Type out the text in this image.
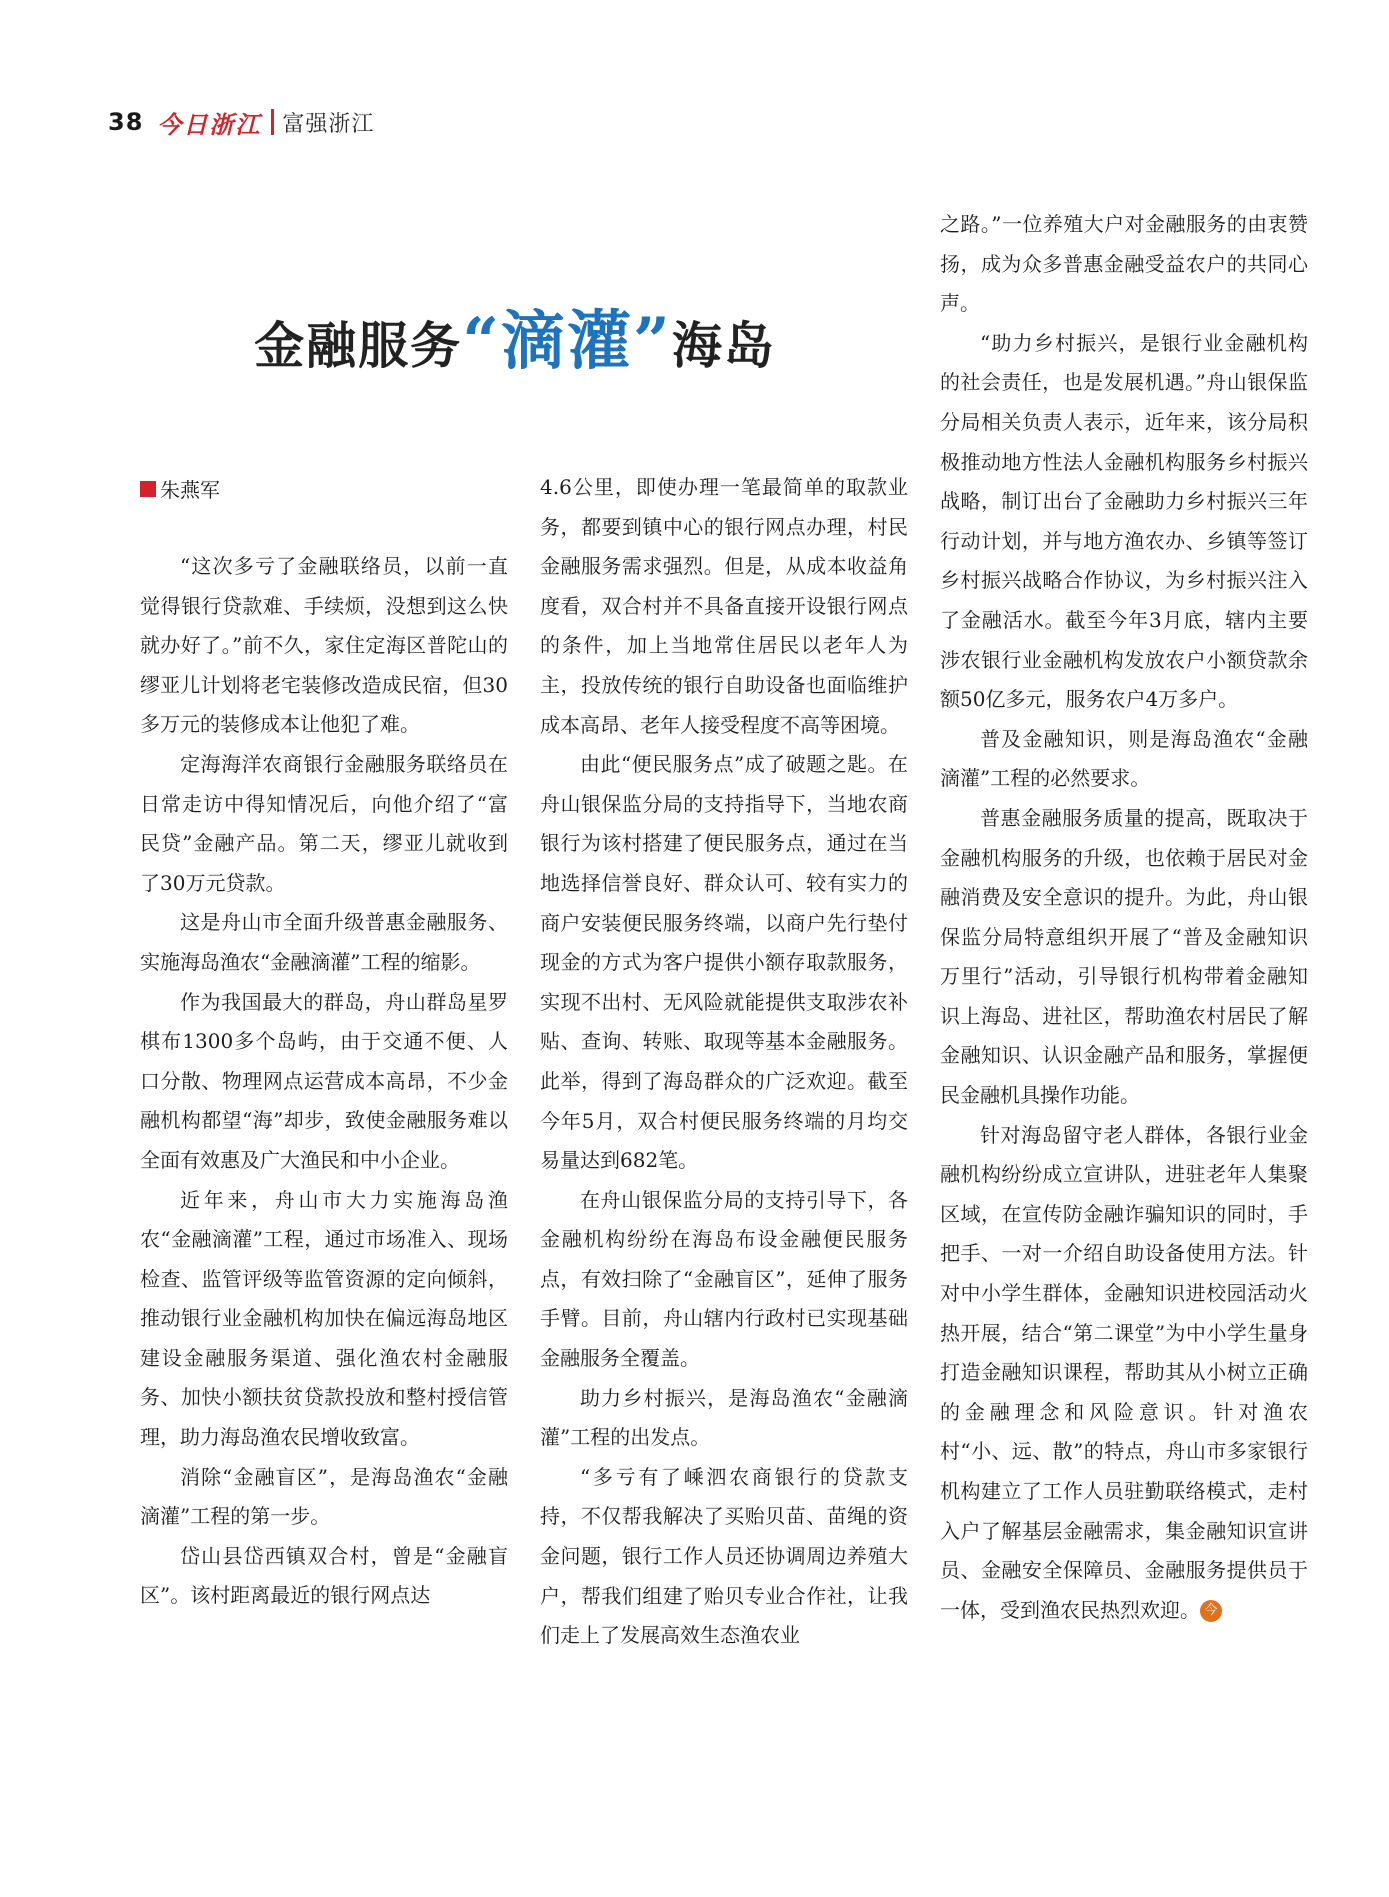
38 今日浙江 富强浙江
金融服务“滴灌”海岛
朱燕军

“这次多亏了金融联络员，以前一直觉得银行贷款难、手续烦，没想到这么快就办好了。”前不久，家住定海区普陀山的缪亚儿计划将老宅装修改造成民宿，但30多万元的装修成本让他犯了难。

定海海洋农商银行金融服务联络员在日常走访中得知情况后，向他介绍了“富民贷”金融产品。第二天，缪亚儿就收到了30万元贷款。

这是舟山市全面升级普惠金融服务、实施海岛渔农“金融滴灌”工程的缩影。

作为我国最大的群岛，舟山群岛星罗棋布1300多个岛屿，由于交通不便、人口分散、物理网点运营成本高昂，不少金融机构都望“海”却步，致使金融服务难以全面有效惠及广大渔民和中小企业。

近年来，舟山市大力实施海岛渔农“金融滴灌”工程，通过市场准入、现场检查、监管评级等监管资源的定向倾斜，推动银行业金融机构加快在偏远海岛地区建设金融服务渠道、强化渔农村金融服务、加快小额扶贫贷款投放和整村授信管理，助力海岛渔农民增收致富。

消除“金融盲区”，是海岛渔农“金融滴灌”工程的第一步。

岱山县岱西镇双合村，曾是“金融盲区”。该村距离最近的银行网点达

4.6公里，即使办理一笔最简单的取款业务，都要到镇中心的银行网点办理，村民金融服务需求强烈。但是，从成本收益角度看，双合村并不具备直接开设银行网点的条件，加上当地常住居民以老年人为主，投放传统的银行自助设备也面临维护成本高昂、老年人接受程度不高等困境。

由此“便民服务点”成了破题之匙。在舟山银保监分局的支持指导下，当地农商银行为该村搭建了便民服务点，通过在当地选择信誉良好、群众认可、较有实力的商户安装便民服务终端，以商户先行垫付现金的方式为客户提供小额存取款服务，实现不出村、无风险就能提供支取涉农补贴、查询、转账、取现等基本金融服务。此举，得到了海岛群众的广泛欢迎。截至今年5月，双合村便民服务终端的月均交易量达到682笔。

在舟山银保监分局的支持引导下，各金融机构纷纷在海岛布设金融便民服务点，有效扫除了“金融盲区”，延伸了服务手臂。目前，舟山辖内行政村已实现基础金融服务全覆盖。

助力乡村振兴，是海岛渔农“金融滴灌”工程的出发点。

“多亏有了嵊泗农商银行的贷款支持，不仅帮我解决了买贻贝苗、苗绳的资金问题，银行工作人员还协调周边养殖大户，帮我们组建了贻贝专业合作社，让我们走上了发展高效生态渔农业

之路。”一位养殖大户对金融服务的由衷赞扬，成为众多普惠金融受益农户的共同心声。

“助力乡村振兴，是银行业金融机构的社会责任，也是发展机遇。”舟山银保监分局相关负责人表示，近年来，该分局积极推动地方性法人金融机构服务乡村振兴战略，制订出台了金融助力乡村振兴三年行动计划，并与地方渔农办、乡镇等签订乡村振兴战略合作协议，为乡村振兴注入了金融活水。截至今年3月底，辖内主要涉农银行业金融机构发放农户小额贷款余额50亿多元，服务农户4万多户。

普及金融知识，则是海岛渔农“金融滴灌”工程的必然要求。

普惠金融服务质量的提高，既取决于金融机构服务的升级，也依赖于居民对金融消费及安全意识的提升。为此，舟山银保监分局特意组织开展了“普及金融知识万里行”活动，引导银行机构带着金融知识上海岛、进社区，帮助渔农村居民了解金融知识、认识金融产品和服务，掌握便民金融机具操作功能。

针对海岛留守老人群体，各银行业金融机构纷纷成立宣讲队，进驻老年人集聚区域，在宣传防金融诈骗知识的同时，手把手、一对一介绍自助设备使用方法。针对中小学生群体，金融知识进校园活动火热开展，结合“第二课堂”为中小学生量身打造金融知识课程，帮助其从小树立正确的金融理念和风险意识。针对渔农村“小、远、散”的特点，舟山市多家银行机构建立了工作人员驻勤联络模式，走村入户了解基层金融需求，集金融知识宣讲员、金融安全保障员、金融服务提供员于一体，受到渔农民热烈欢迎。 今
